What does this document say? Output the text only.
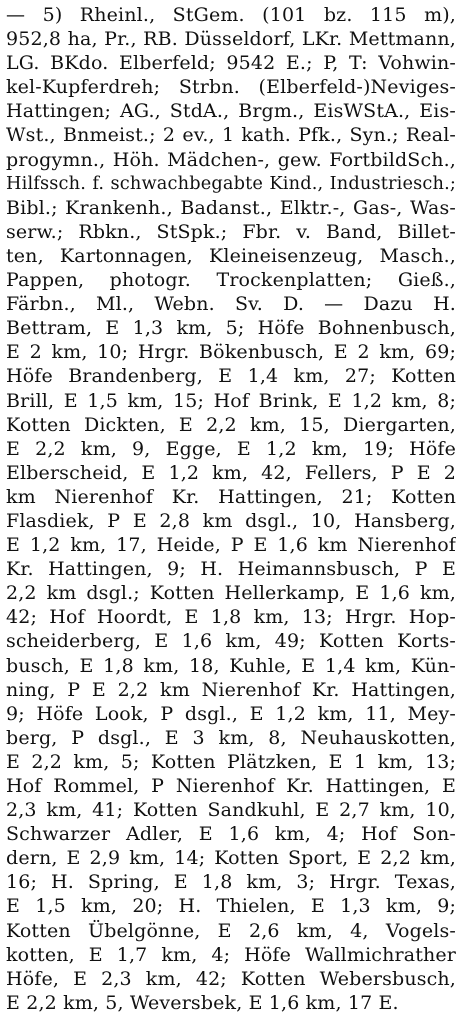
— 5) Rheinl., StGem. (101 bz. 115 m),
952,8 ha, Pr., RB. Düsseldorf, LKr. Mettmann,
LG. BKdo. Elberfeld; 9542 E.; P, T: Vohwin-
kel-Kupferdreh; Strbn. (Elberfeld-)Neviges-
Hattingen; AG., StdA., Brgm., EisWStA., Eis-
Wst., Bnmeist.; 2 ev., 1 kath. Pfk., Syn.; Real-
progymn., Höh. Mädchen-, gew. FortbildSch.,
Hilfssch. f. schwachbegabte Kind., Industriesch.;
Bibl.; Krankenh., Badanst., Elktr.-, Gas-, Was-
serw.; Rbkn., StSpk.; Fbr. v. Band, Billet-
ten, Kartonnagen, Kleineisenzeug, Masch.,
Pappen, photogr. Trockenplatten; Gieß.,
Färbn., Ml., Webn. Sv. D. — Dazu H.
Bettram, E 1,3 km, 5; Höfe Bohnenbusch,
E 2 km, 10; Hrgr. Bökenbusch, E 2 km, 69;
Höfe Brandenberg, E 1,4 km, 27; Kotten
Brill, E 1,5 km, 15; Hof Brink, E 1,2 km, 8;
Kotten Dickten, E 2,2 km, 15, Diergarten,
E 2,2 km, 9, Egge, E 1,2 km, 19; Höfe
Elberscheid, E 1,2 km, 42, Fellers, P E 2
km Nierenhof Kr. Hattingen, 21; Kotten
Flasdiek, P E 2,8 km dsgl., 10, Hansberg,
E 1,2 km, 17, Heide, P E 1,6 km Nierenhof
Kr. Hattingen, 9; H. Heimannsbusch, P E
2,2 km dsgl.; Kotten Hellerkamp, E 1,6 km,
42; Hof Hoordt, E 1,8 km, 13; Hrgr. Hop-
scheiderberg, E 1,6 km, 49; Kotten Korts-
busch, E 1,8 km, 18, Kuhle, E 1,4 km, Kün-
ning, P E 2,2 km Nierenhof Kr. Hattingen,
9; Höfe Look, P dsgl., E 1,2 km, 11, Mey-
berg, P dsgl., E 3 km, 8, Neuhauskotten,
E 2,2 km, 5; Kotten Plätzken, E 1 km, 13;
Hof Rommel, P Nierenhof Kr. Hattingen, E
2,3 km, 41; Kotten Sandkuhl, E 2,7 km, 10,
Schwarzer Adler, E 1,6 km, 4; Hof Son-
dern, E 2,9 km, 14; Kotten Sport, E 2,2 km,
16; H. Spring, E 1,8 km, 3; Hrgr. Texas,
E 1,5 km, 20; H. Thielen, E 1,3 km, 9;
Kotten Übelgönne, E 2,6 km, 4, Vogels-
kotten, E 1,7 km, 4; Höfe Wallmichrather
Höfe, E 2,3 km, 42; Kotten Webersbusch,
E 2,2 km, 5, Weversbek, E 1,6 km, 17 E.
